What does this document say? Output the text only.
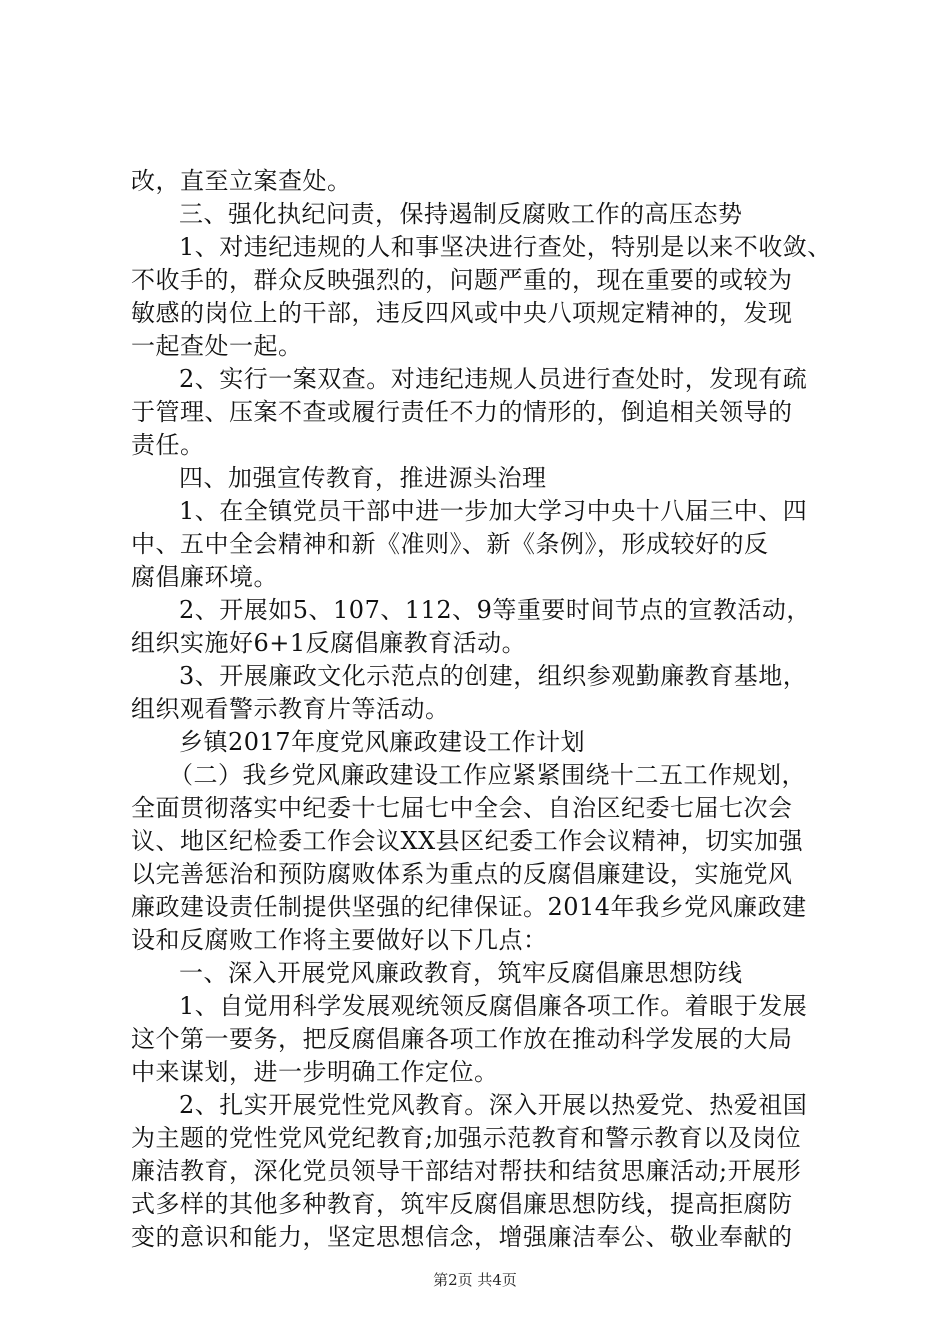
改，直至立案查处。
三、强化执纪问责，保持遏制反腐败工作的高压态势
1、对违纪违规的人和事坚决进行查处，特别是以来不收敛、
不收手的，群众反映强烈的，问题严重的，现在重要的或较为
敏感的岗位上的干部，违反四风或中央八项规定精神的，发现
一起查处一起。
2、实行一案双查。对违纪违规人员进行查处时，发现有疏
于管理、压案不查或履行责任不力的情形的，倒追相关领导的
责任。
四、加强宣传教育，推进源头治理
1、在全镇党员干部中进一步加大学习中央十八届三中、四
中、五中全会精神和新《准则》、新《条例》，形成较好的反
腐倡廉环境。
2、开展如5、107、112、9等重要时间节点的宣教活动，
组织实施好6+1反腐倡廉教育活动。
3、开展廉政文化示范点的创建，组织参观勤廉教育基地，
组织观看警示教育片等活动。
乡镇2017年度党风廉政建设工作计划
（二）我乡党风廉政建设工作应紧紧围绕十二五工作规划，
全面贯彻落实中纪委十七届七中全会、自治区纪委七届七次会
议、地区纪检委工作会议XX县区纪委工作会议精神，切实加强
以完善惩治和预防腐败体系为重点的反腐倡廉建设，实施党风
廉政建设责任制提供坚强的纪律保证。2014年我乡党风廉政建
设和反腐败工作将主要做好以下几点：
一、深入开展党风廉政教育，筑牢反腐倡廉思想防线
1、自觉用科学发展观统领反腐倡廉各项工作。着眼于发展
这个第一要务，把反腐倡廉各项工作放在推动科学发展的大局
中来谋划，进一步明确工作定位。
2、扎实开展党性党风教育。深入开展以热爱党、热爱祖国
为主题的党性党风党纪教育;加强示范教育和警示教育以及岗位
廉洁教育，深化党员领导干部结对帮扶和结贫思廉活动;开展形
式多样的其他多种教育，筑牢反腐倡廉思想防线，提高拒腐防
变的意识和能力，坚定思想信念，增强廉洁奉公、敬业奉献的
第2页 共4页
